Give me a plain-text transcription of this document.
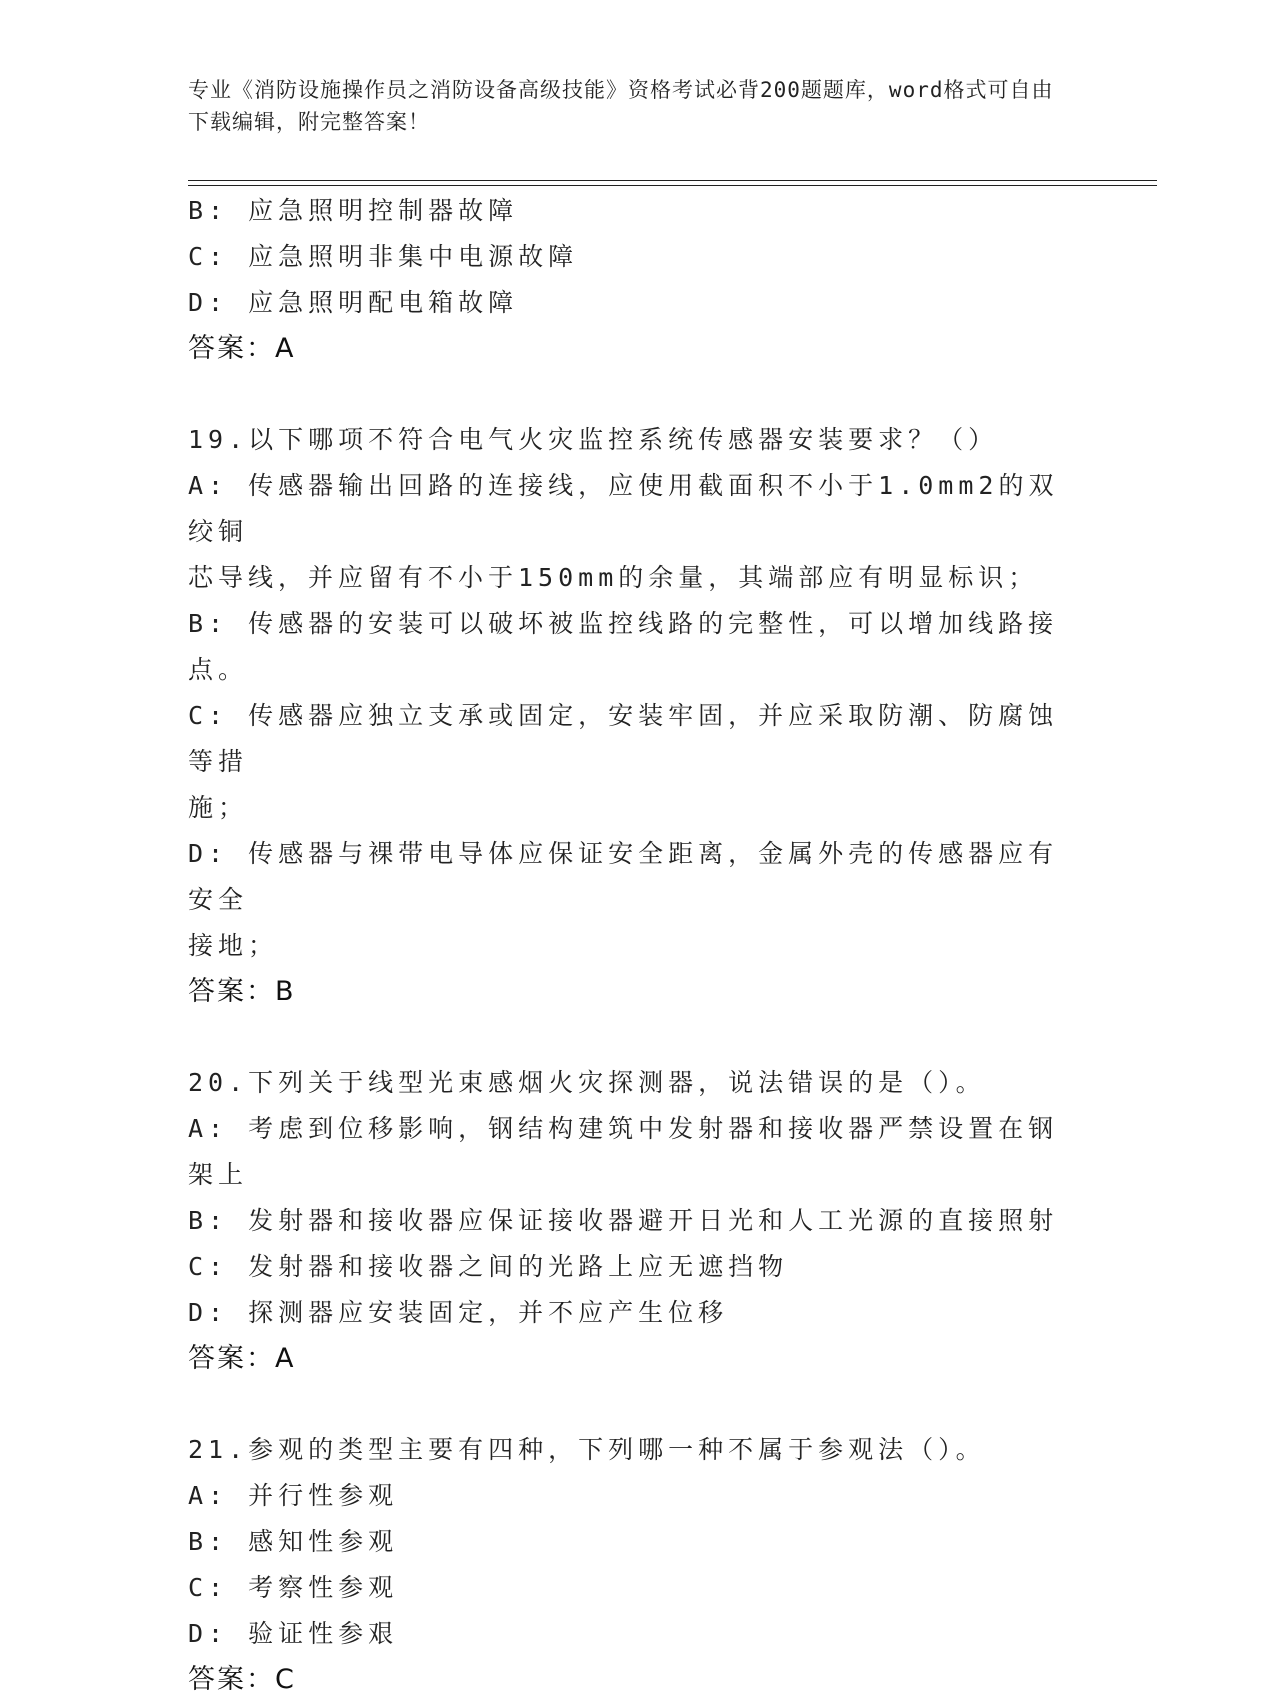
专业《消防设施操作员之消防设备高级技能》资格考试必背200题题库，word格式可自由下载编辑，附完整答案！
B: 应急照明控制器故障
C: 应急照明非集中电源故障
D: 应急照明配电箱故障
答案：A
19.以下哪项不符合电气火灾监控系统传感器安装要求？（）
A: 传感器输出回路的连接线，应使用截面积不小于1.0mm2的双绞铜
芯导线，并应留有不小于150mm的余量，其端部应有明显标识；
B: 传感器的安装可以破坏被监控线路的完整性，可以增加线路接点。
C: 传感器应独立支承或固定，安装牢固，并应采取防潮、防腐蚀等措
施；
D: 传感器与裸带电导体应保证安全距离，金属外壳的传感器应有安全
接地；
答案：B
20.下列关于线型光束感烟火灾探测器，说法错误的是（）。
A: 考虑到位移影响，钢结构建筑中发射器和接收器严禁设置在钢架上
B: 发射器和接收器应保证接收器避开日光和人工光源的直接照射
C: 发射器和接收器之间的光路上应无遮挡物
D: 探测器应安装固定，并不应产生位移
答案：A
21.参观的类型主要有四种，下列哪一种不属于参观法（）。
A: 并行性参观
B: 感知性参观
C: 考察性参观
D: 验证性参艰
答案：C
